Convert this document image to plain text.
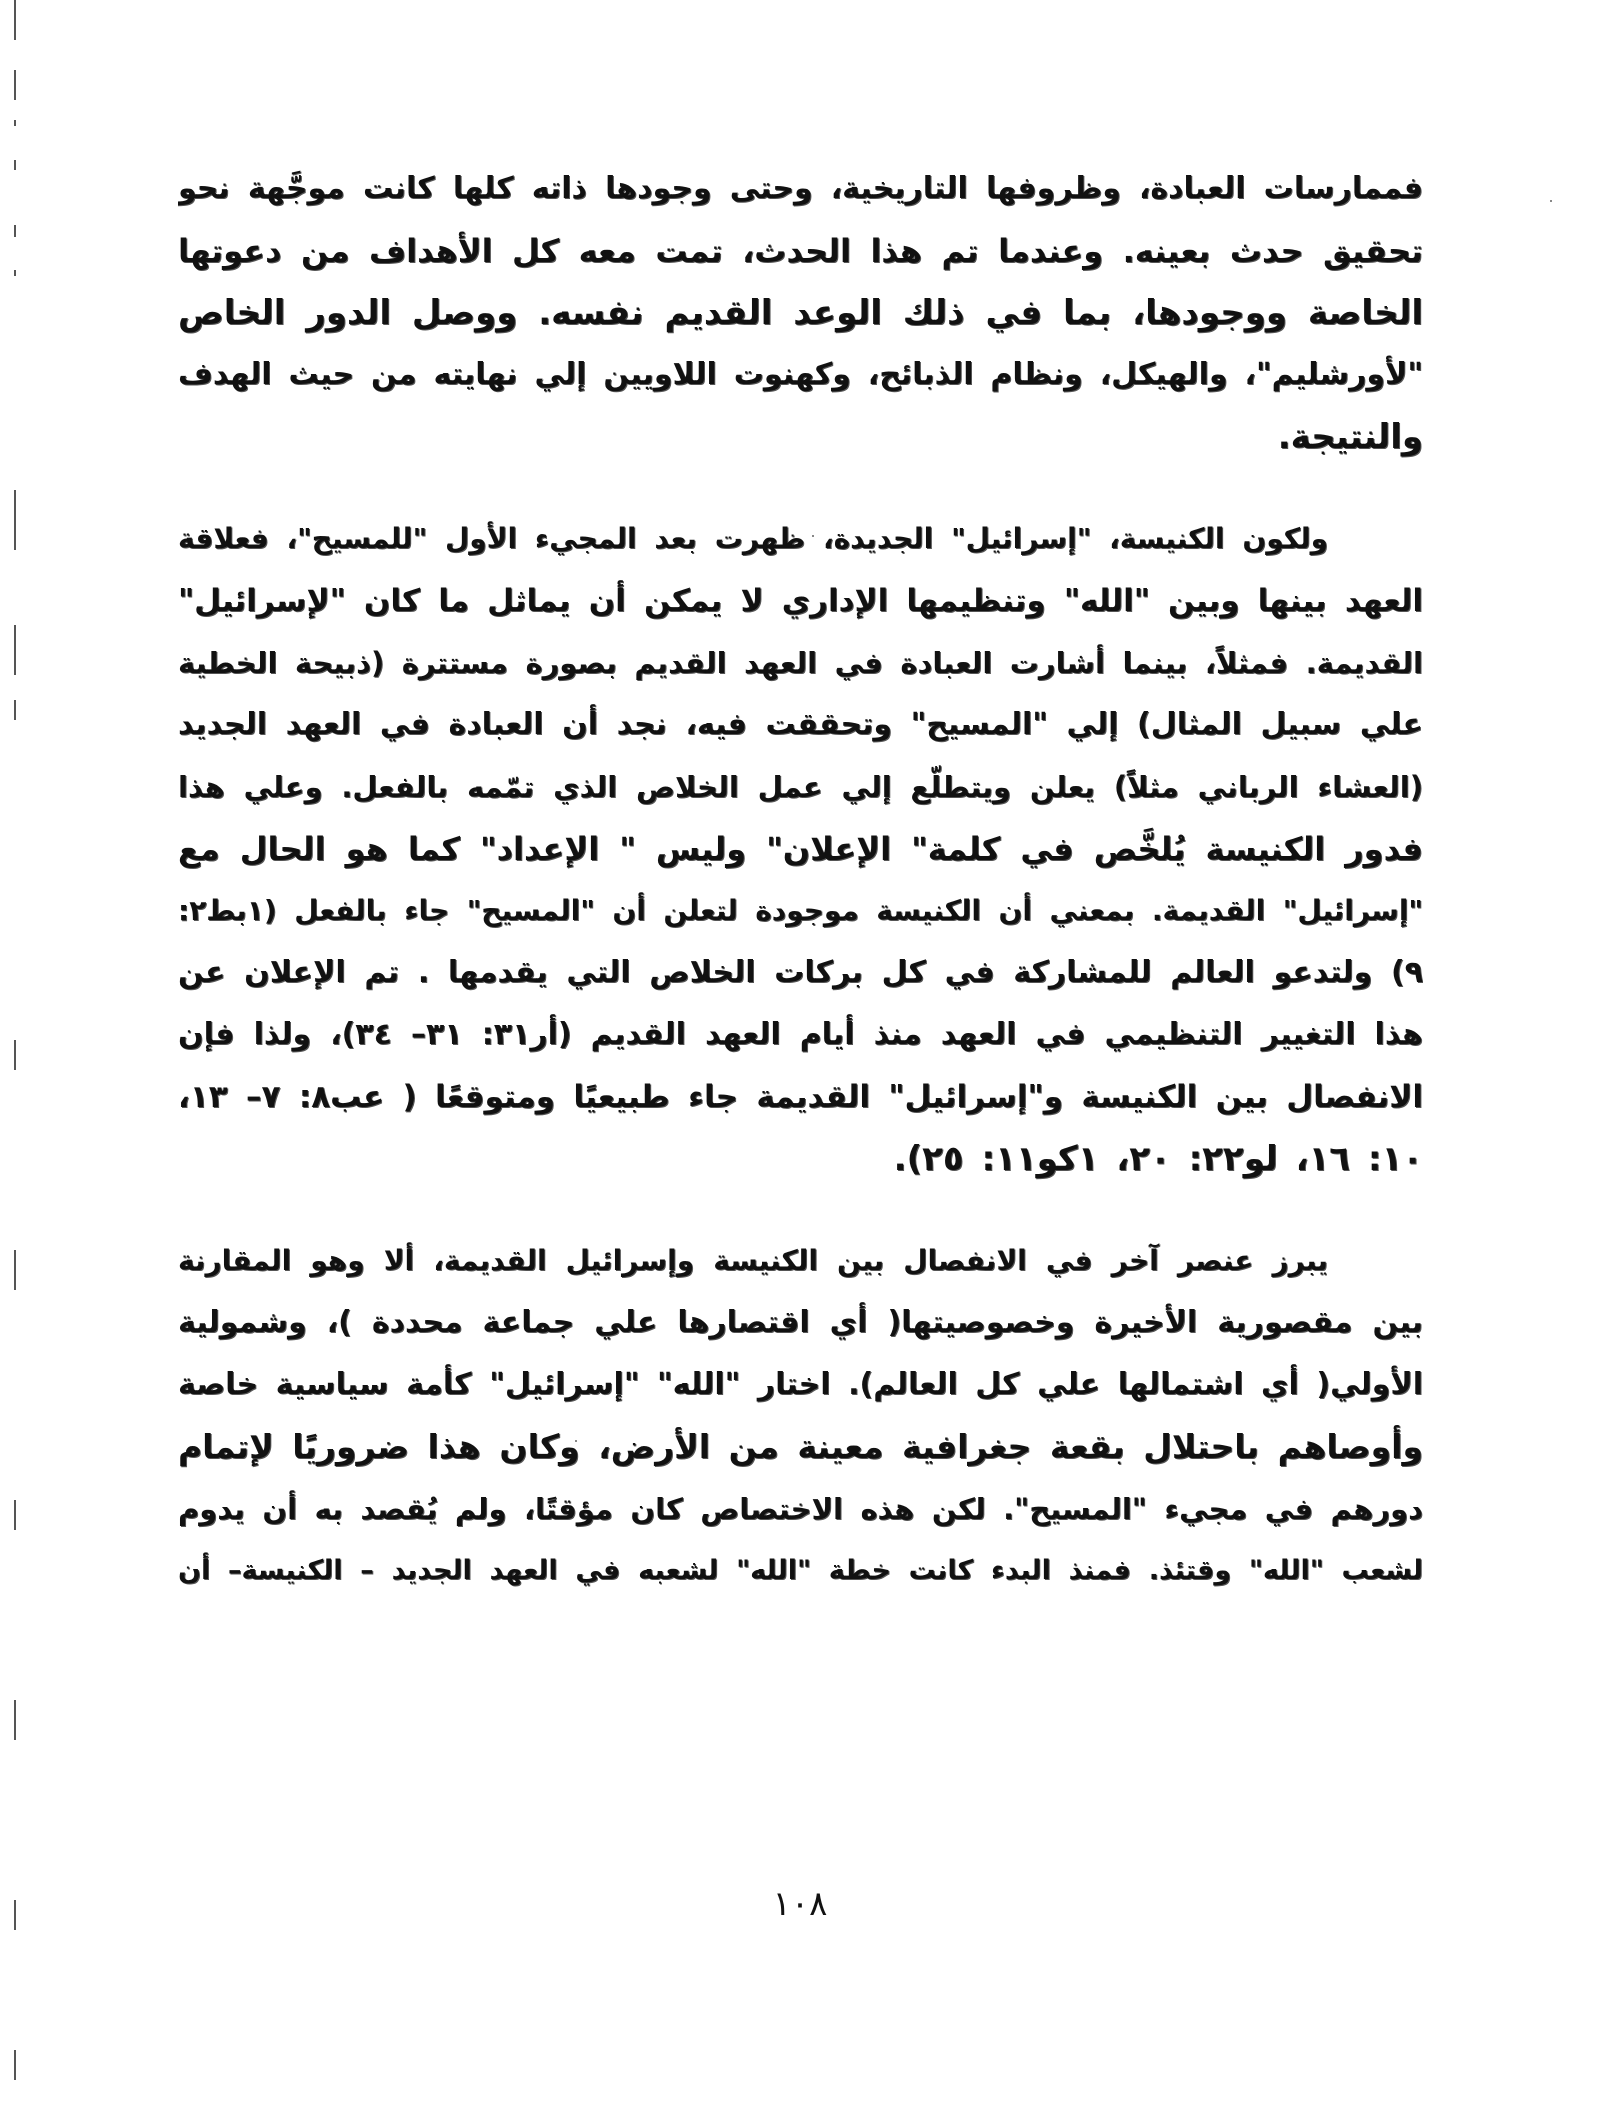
فممارسات العبادة، وظروفها التاريخية، وحتى وجودها ذاته كلها كانت موجَّهة نحو
تحقيق حدث بعينه. وعندما تم هذا الحدث، تمت معه كل الأهداف من دعوتها
الخاصة ووجودها، بما في ذلك الوعد القديم نفسه. ووصل الدور الخاص
"لأورشليم"، والهيكل، ونظام الذبائح، وكهنوت اللاويين إلي نهايته من حيث الهدف
والنتيجة.
ولكون الكنيسة، "إسرائيل" الجديدة، ظهرت بعد المجيء الأول "للمسيح"، فعلاقة
العهد بينها وبين "الله" وتنظيمها الإداري لا يمكن أن يماثل ما كان "لإسرائيل"
القديمة. فمثلاً، بينما أشارت العبادة في العهد القديم بصورة مستترة (ذبيحة الخطية
علي سبيل المثال) إلي "المسيح" وتحققت فيه، نجد أن العبادة في العهد الجديد
(العشاء الرباني مثلاً) يعلن ويتطلّع إلي عمل الخلاص الذي تمّمه بالفعل. وعلي هذا
فدور الكنيسة يُلخَّص في كلمة" الإعلان" وليس " الإعداد" كما هو الحال مع
"إسرائيل" القديمة. بمعني أن الكنيسة موجودة لتعلن أن "المسيح" جاء بالفعل (١بط٢:
٩) ولتدعو العالم للمشاركة في كل بركات الخلاص التي يقدمها . تم الإعلان عن
هذا التغيير التنظيمي في العهد منذ أيام العهد القديم (أر٣١: ٣١– ٣٤)، ولذا فإن
الانفصال بين الكنيسة و"إسرائيل" القديمة جاء طبيعيًا ومتوقعًا ( عب٨: ٧– ١٣،
١٠: ١٦، لو٢٢: ٢٠، ١كو١١: ٢٥).
يبرز عنصر آخر في الانفصال بين الكنيسة وإسرائيل القديمة، ألا وهو المقارنة
بين مقصورية الأخيرة وخصوصيتها( أي اقتصارها علي جماعة محددة )، وشمولية
الأولي( أي اشتمالها علي كل العالم). اختار "الله" "إسرائيل" كأمة سياسية خاصة
وأوصاهم باحتلال بقعة جغرافية معينة من الأرض، وكان هذا ضروريًا لإتمام
دورهم في مجيء "المسيح". لكن هذه الاختصاص كان مؤقتًا، ولم يُقصد به أن يدوم
لشعب "الله" وقتئذ. فمنذ البدء كانت خطة "الله" لشعبه في العهد الجديد – الكنيسة– أن
١٠٨
